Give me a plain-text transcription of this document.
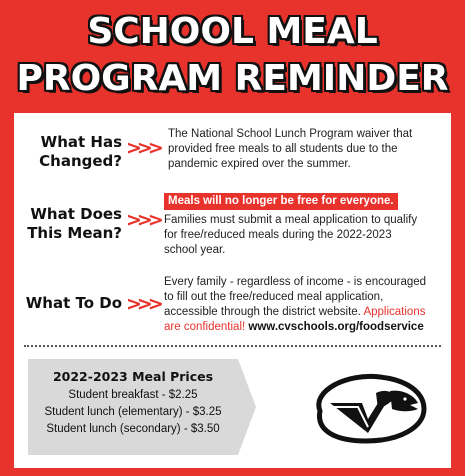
SCHOOL MEAL
PROGRAM REMINDER
What Has
Changed?
>>>
The National School Lunch Program waiver that provided free meals to all students due to the pandemic expired over the summer.
What Does
This Mean?
>>>
Meals will no longer be free for everyone.
Families must submit a meal application to qualify for free/reduced meals during the 2022-2023 school year.
What To Do >>>
Every family - regardless of income - is encouraged to fill out the free/reduced meal application, accessible through the district website. Applications are confidential! www.cvschools.org/foodservice
2022-2023 Meal Prices
Student breakfast - $2.25
Student lunch (elementary) - $3.25
Student lunch (secondary) - $3.50
